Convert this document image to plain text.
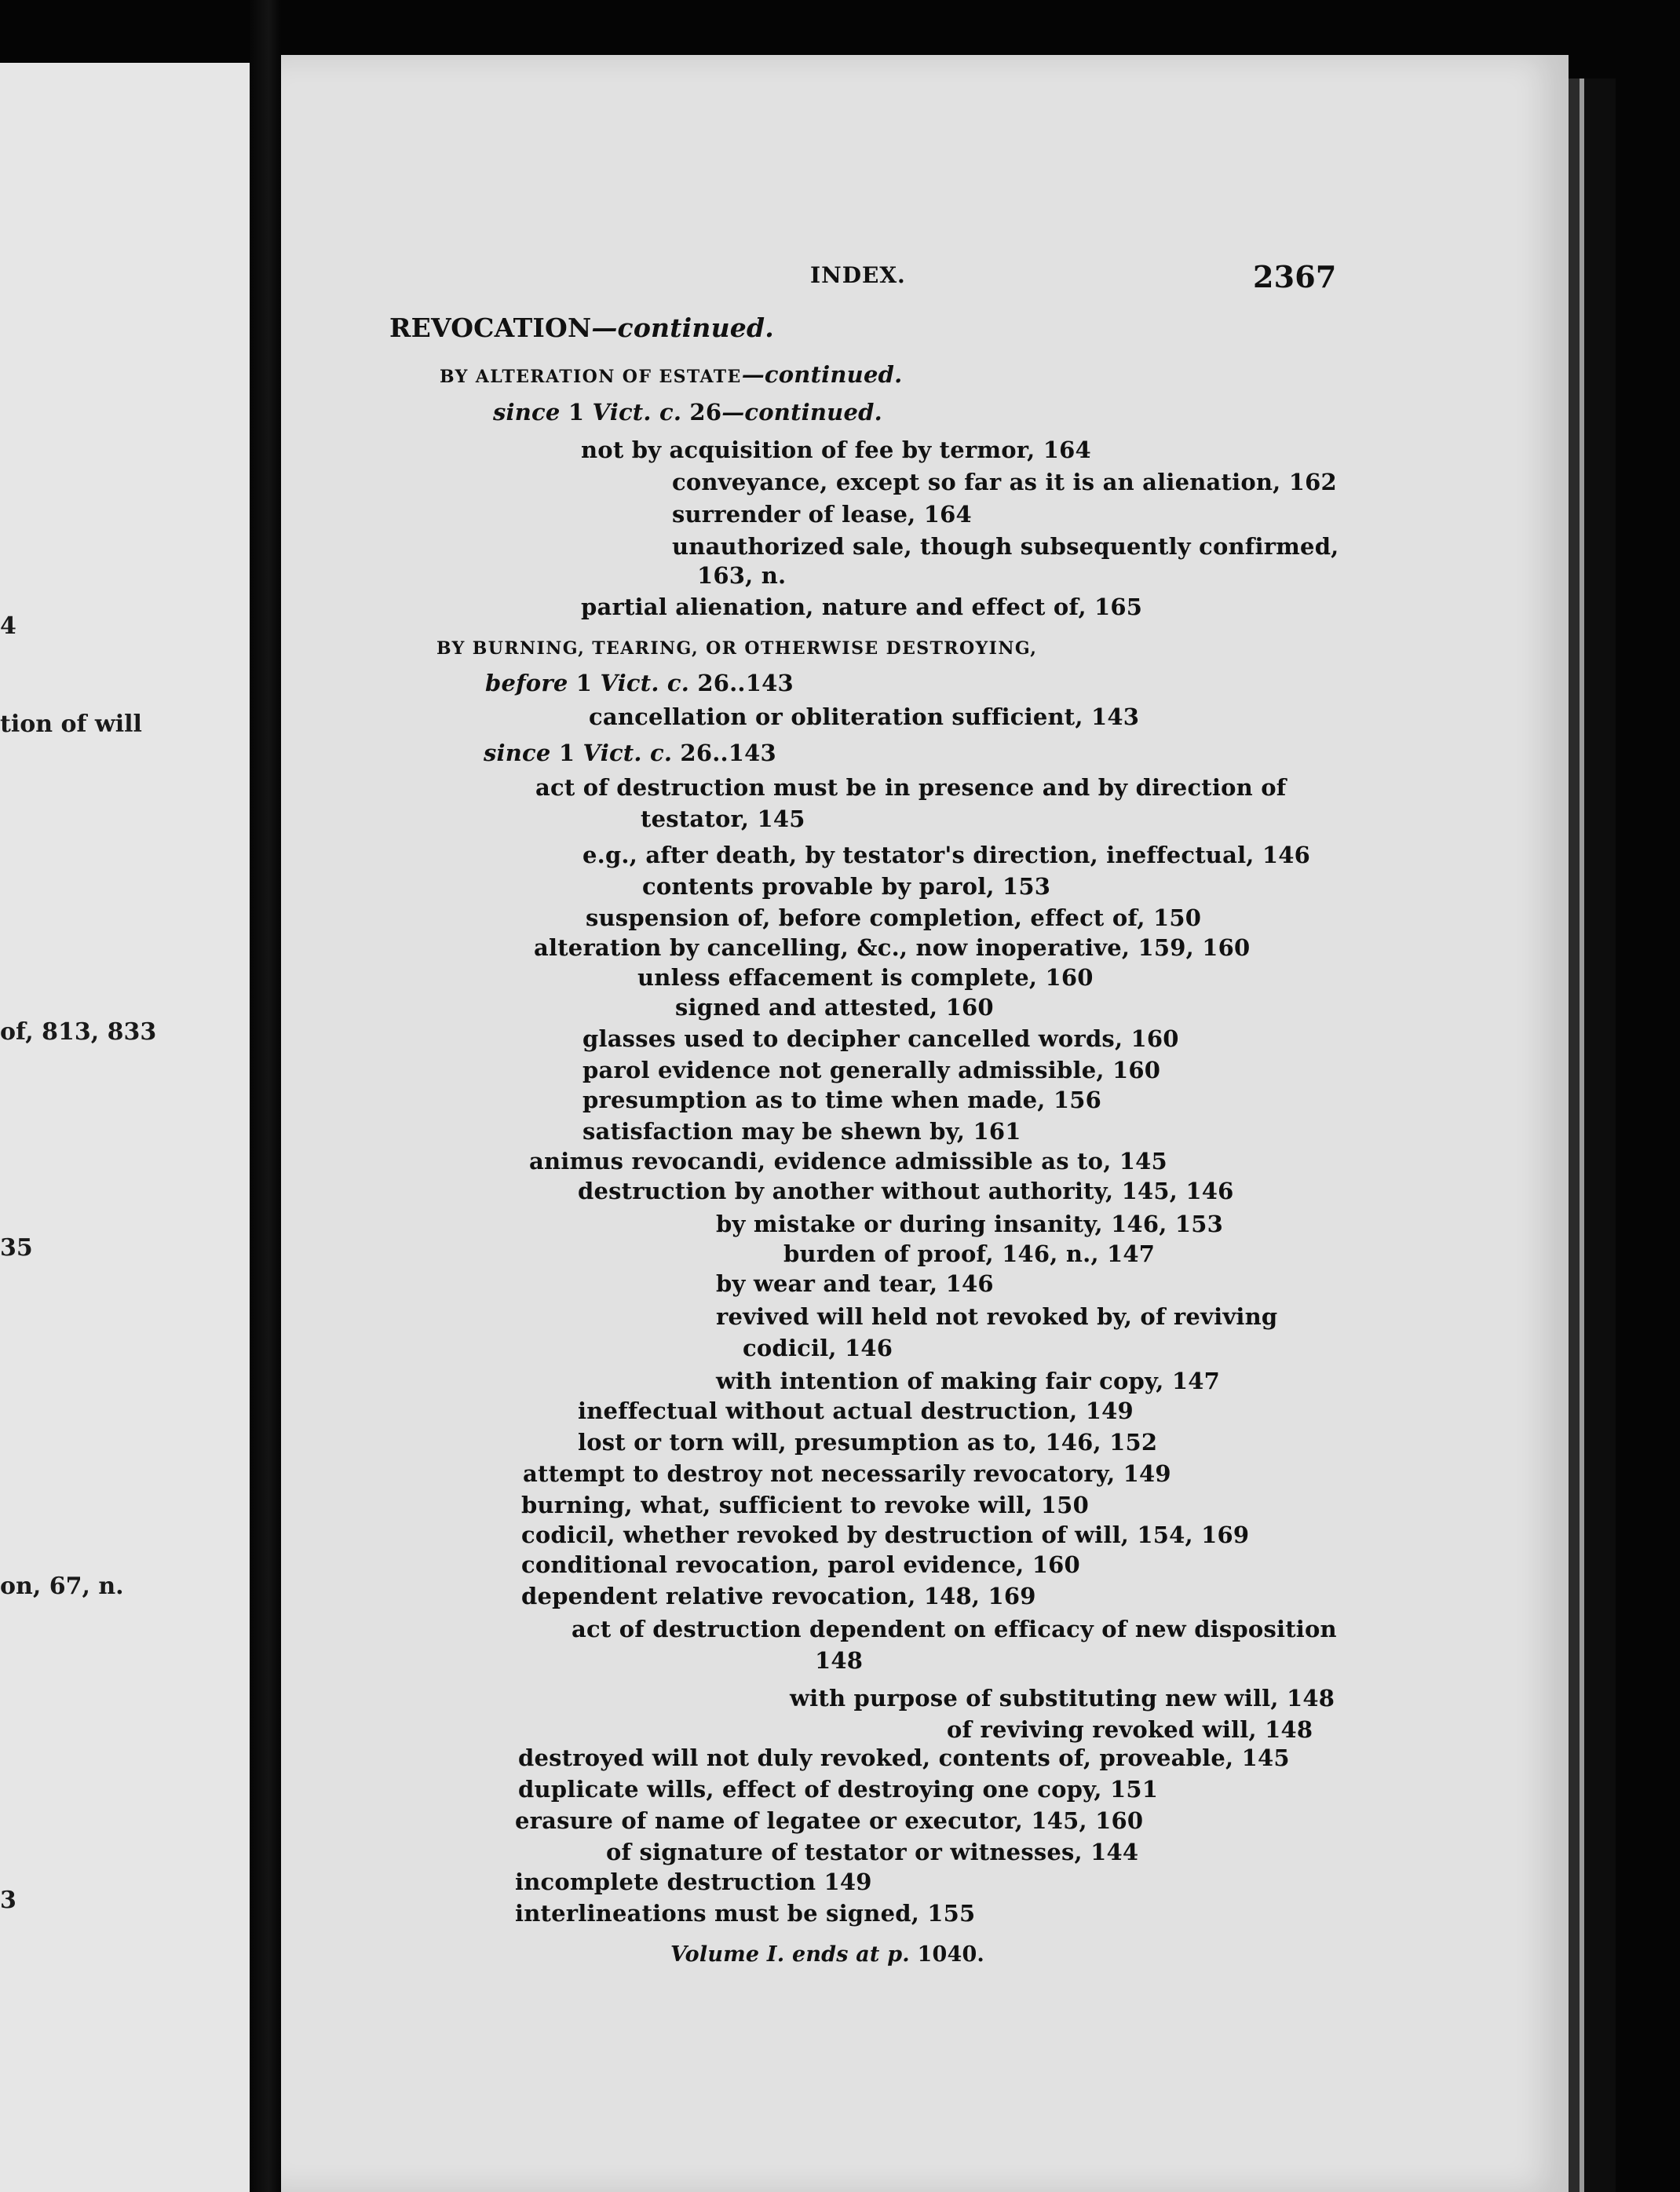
4
tion of will
of, 813, 833
35
on, 67, n.
3
INDEX.	2367
REVOCATION—continued.
BY ALTERATION OF ESTATE—continued.
since 1 Vict. c. 26—continued.
not by acquisition of fee by termor, 164
conveyance, except so far as it is an alienation, 162
surrender of lease, 164
unauthorized sale, though subsequently confirmed,
163, n.
partial alienation, nature and effect of, 165
BY BURNING, TEARING, OR OTHERWISE DESTROYING,
before 1 Vict. c. 26..143
cancellation or obliteration sufficient, 143
since 1 Vict. c. 26..143
act of destruction must be in presence and by direction of
testator, 145
e.g., after death, by testator's direction, ineffectual, 146
contents provable by parol, 153
suspension of, before completion, effect of, 150
alteration by cancelling, &c., now inoperative, 159, 160
unless effacement is complete, 160
signed and attested, 160
glasses used to decipher cancelled words, 160
parol evidence not generally admissible, 160
presumption as to time when made, 156
satisfaction may be shewn by, 161
animus revocandi, evidence admissible as to, 145
destruction by another without authority, 145, 146
by mistake or during insanity, 146, 153
burden of proof, 146, n., 147
by wear and tear, 146
revived will held not revoked by, of reviving
codicil, 146
with intention of making fair copy, 147
ineffectual without actual destruction, 149
lost or torn will, presumption as to, 146, 152
attempt to destroy not necessarily revocatory, 149
burning, what, sufficient to revoke will, 150
codicil, whether revoked by destruction of will, 154, 169
conditional revocation, parol evidence, 160
dependent relative revocation, 148, 169
act of destruction dependent on efficacy of new disposition
148
with purpose of substituting new will, 148
of reviving revoked will, 148
destroyed will not duly revoked, contents of, proveable, 145
duplicate wills, effect of destroying one copy, 151
erasure of name of legatee or executor, 145, 160
of signature of testator or witnesses, 144
incomplete destruction 149
interlineations must be signed, 155
Volume I. ends at p. 1040.
